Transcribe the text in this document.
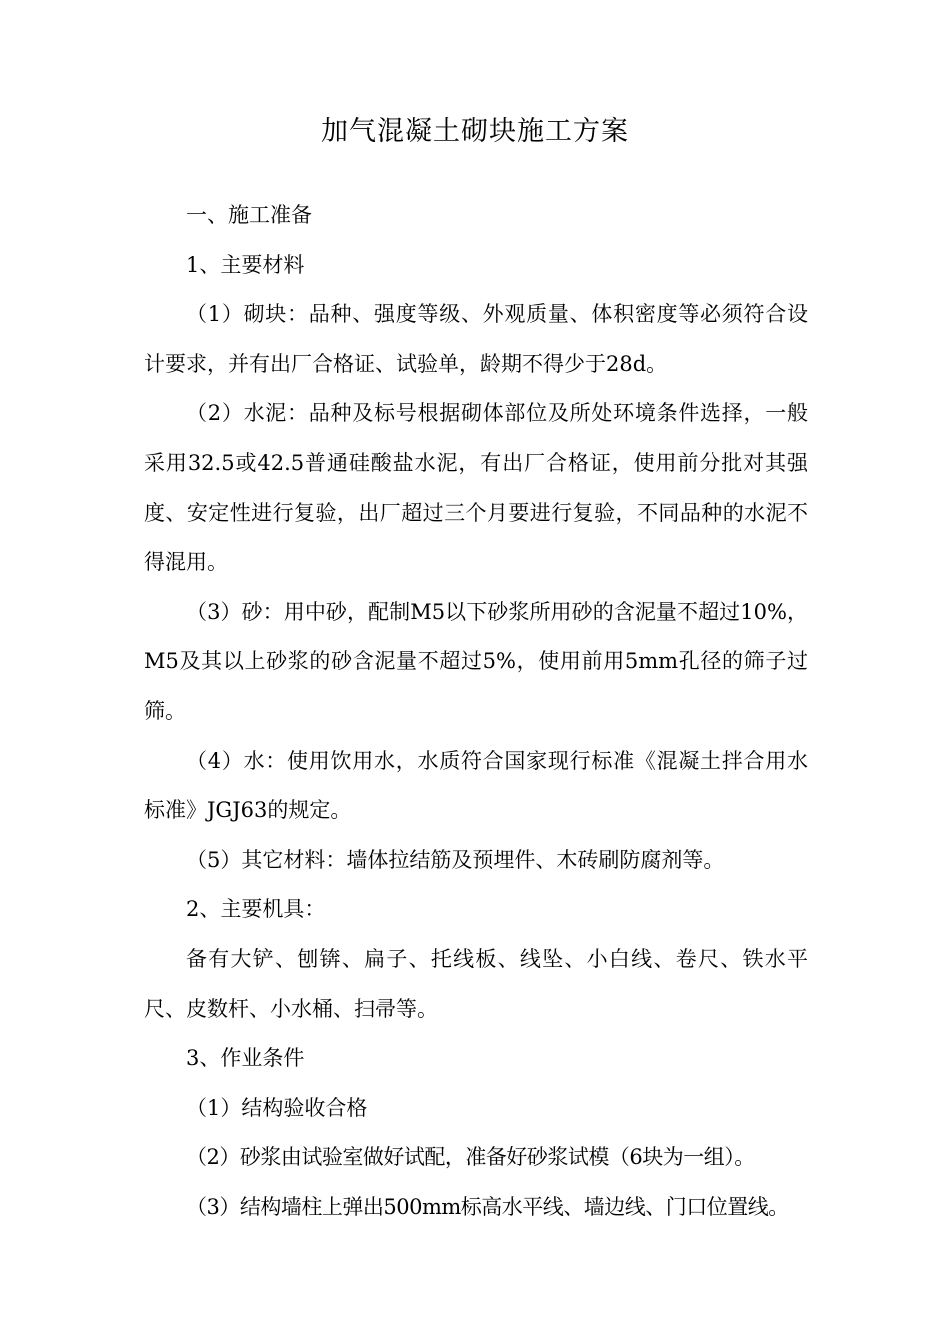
加气混凝土砌块施工方案

一、施工准备

1、主要材料

（1）砌块：品种、强度等级、外观质量、体积密度等必须符合设计要求，并有出厂合格证、试验单，龄期不得少于28d。

（2）水泥：品种及标号根据砌体部位及所处环境条件选择，一般采用32.5或42.5普通硅酸盐水泥，有出厂合格证，使用前分批对其强度、安定性进行复验，出厂超过三个月要进行复验，不同品种的水泥不得混用。

（3）砂：用中砂，配制M5以下砂浆所用砂的含泥量不超过10%，M5及其以上砂浆的砂含泥量不超过5%，使用前用5mm孔径的筛子过筛。

（4）水：使用饮用水，水质符合国家现行标准《混凝土拌合用水标准》JGJ63的规定。

（5）其它材料：墙体拉结筋及预埋件、木砖刷防腐剂等。

2、主要机具：

备有大铲、刨锛、扁子、托线板、线坠、小白线、卷尺、铁水平尺、皮数杆、小水桶、扫帚等。

3、作业条件

（1）结构验收合格

（2）砂浆由试验室做好试配，准备好砂浆试模（6块为一组）。

（3）结构墙柱上弹出500mm标高水平线、墙边线、门口位置线。
